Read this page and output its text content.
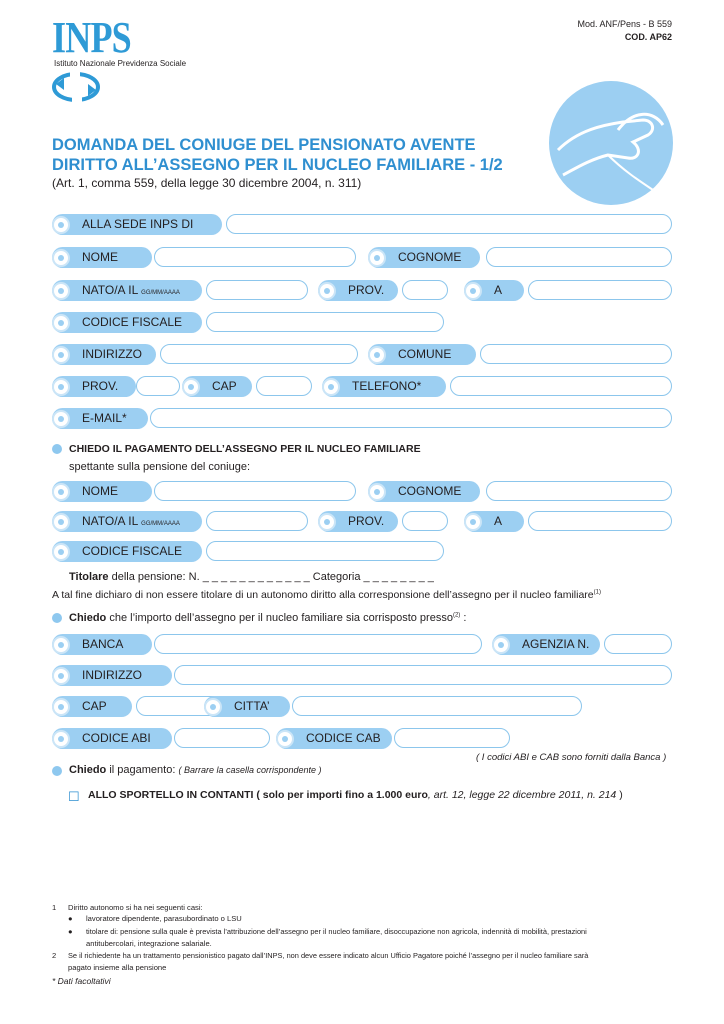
INPS
Istituto Nazionale Previdenza Sociale
Mod. ANF/Pens - B 559
COD. AP62
DOMANDA DEL CONIUGE DEL PENSIONATO AVENTE
DIRITTO ALL’ASSEGNO PER IL NUCLEO FAMILIARE - 1/2
(Art. 1, comma 559, della legge 30 dicembre 2004, n. 311)
ALLA SEDE INPS DI
NOME	COGNOME
NATO/A IL GG/MM/AAAA	PROV.	A
CODICE FISCALE
INDIRIZZO	COMUNE
PROV.	CAP	TELEFONO*
E-MAIL*
CHIEDO IL PAGAMENTO DELL’ASSEGNO PER IL NUCLEO FAMILIARE
spettante sulla pensione del coniuge:
NOME	COGNOME
NATO/A IL GG/MM/AAAA	PROV.	A
CODICE FISCALE
Titolare della pensione: N. _ _ _ _ _ _ _ _ _ _ _ _ Categoria _ _ _ _ _ _ _ _
A tal fine dichiaro di non essere titolare di un autonomo diritto alla corresponsione dell’assegno per il nucleo familiare$^{(1)}$
Chiedo che l’importo dell’assegno per il nucleo familiare sia corrisposto presso$^{(2)}$ :
BANCA	AGENZIA N.
INDIRIZZO
CAP	CITTA’
CODICE ABI	CODICE CAB
( I codici ABI e CAB sono forniti dalla Banca )
Chiedo il pagamento: ( Barrare la casella corrispondente )
☐ ALLO SPORTELLO IN CONTANTI ( solo per importi fino a 1.000 euro, art. 12, legge 22 dicembre 2011, n. 214 )
1 Diritto autonomo si ha nei seguenti casi:
● lavoratore dipendente, parasubordinato o LSU
● titolare di: pensione sulla quale è prevista l’attribuzione dell’assegno per il nucleo familiare, disoccupazione non agricola, indennità di mobilità, prestazioni
antitubercolari, integrazione salariale.
2 Se il richiedente ha un trattamento pensionistico pagato dall’INPS, non deve essere indicato alcun Ufficio Pagatore poiché l’assegno per il nucleo familiare sarà
pagato insieme alla pensione
* Dati facoltativi
